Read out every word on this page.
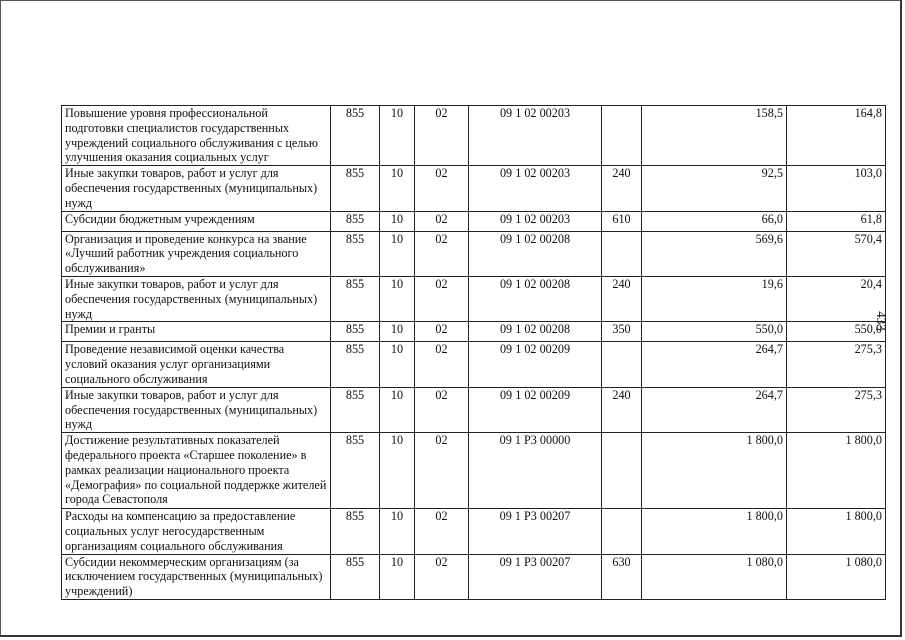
433
Повышение уровня профессиональной подготовки специалистов государственных учреждений социального обслуживания с целью улучшения оказания социальных услуг	855	10	02	09 1 02 00203		158,5	164,8
Иные закупки товаров, работ и услуг для обеспечения государственных (муниципальных) нужд	855	10	02	09 1 02 00203	240	92,5	103,0
Субсидии бюджетным учреждениям	855	10	02	09 1 02 00203	610	66,0	61,8
Организация и проведение конкурса на звание «Лучший работник учреждения социального обслуживания»	855	10	02	09 1 02 00208		569,6	570,4
Иные закупки товаров, работ и услуг для обеспечения государственных (муниципальных) нужд	855	10	02	09 1 02 00208	240	19,6	20,4
Премии и гранты	855	10	02	09 1 02 00208	350	550,0	550,0
Проведение независимой оценки качества условий оказания услуг организациями социального обслуживания	855	10	02	09 1 02 00209		264,7	275,3
Иные закупки товаров, работ и услуг для обеспечения государственных (муниципальных) нужд	855	10	02	09 1 02 00209	240	264,7	275,3
Достижение результативных показателей федерального проекта «Старшее поколение» в рамках реализации национального проекта «Демография» по социальной поддержке жителей города Севастополя	855	10	02	09 1 P3 00000		1 800,0	1 800,0
Расходы на компенсацию за предоставление социальных услуг негосударственным организациям социального обслуживания	855	10	02	09 1 P3 00207		1 800,0	1 800,0
Субсидии некоммерческим организациям (за исключением государственных (муниципальных) учреждений)	855	10	02	09 1 P3 00207	630	1 080,0	1 080,0
